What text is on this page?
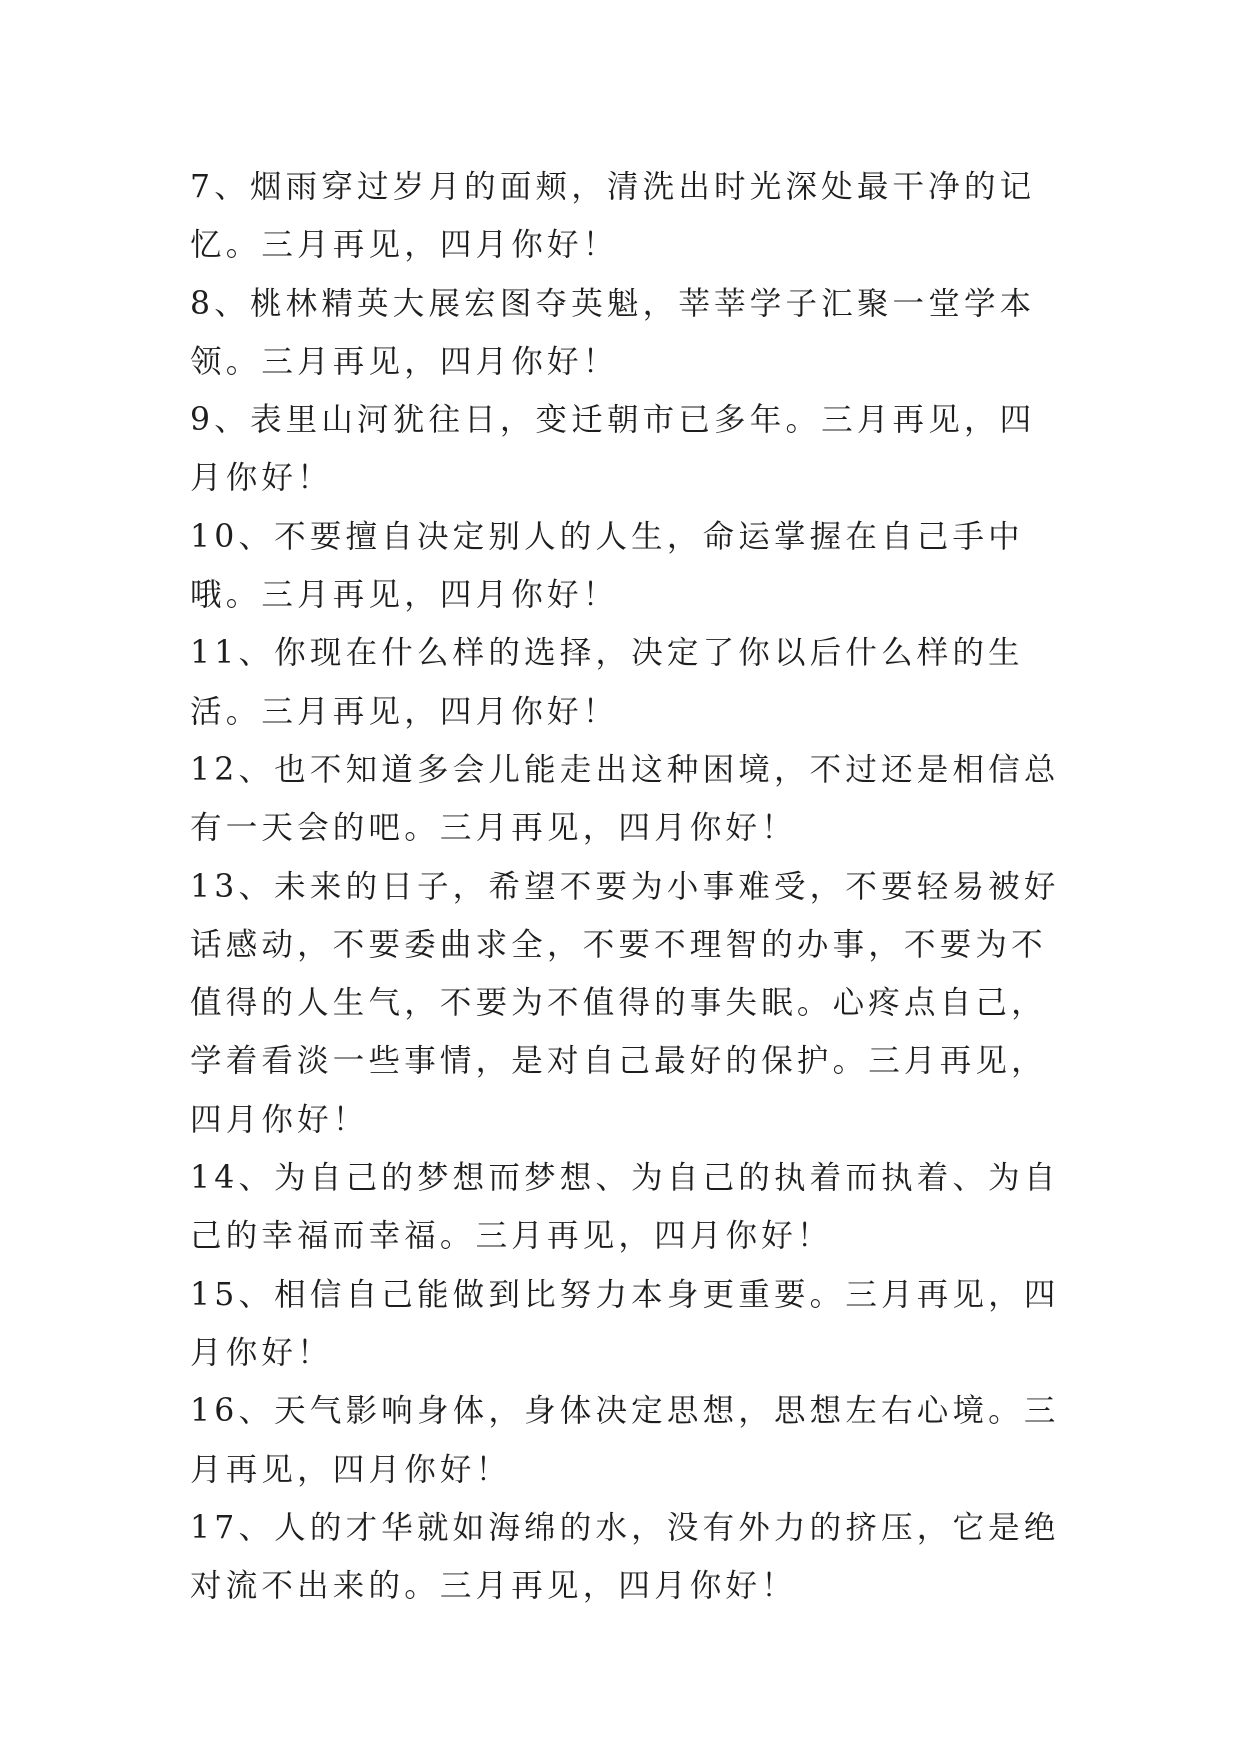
7、烟雨穿过岁月的面颊，清洗出时光深处最干净的记忆。三月再见，四月你好！

8、桃林精英大展宏图夺英魁，莘莘学子汇聚一堂学本领。三月再见，四月你好！

9、表里山河犹往日，变迁朝市已多年。三月再见，四月你好！

10、不要擅自决定别人的人生，命运掌握在自己手中哦。三月再见，四月你好！

11、你现在什么样的选择，决定了你以后什么样的生活。三月再见，四月你好！

12、也不知道多会儿能走出这种困境，不过还是相信总有一天会的吧。三月再见，四月你好！

13、未来的日子，希望不要为小事难受，不要轻易被好话感动，不要委曲求全，不要不理智的办事，不要为不值得的人生气，不要为不值得的事失眠。心疼点自己，学着看淡一些事情，是对自己最好的保护。三月再见，四月你好！

14、为自己的梦想而梦想、为自己的执着而执着、为自己的幸福而幸福。三月再见，四月你好！

15、相信自己能做到比努力本身更重要。三月再见，四月你好！

16、天气影响身体，身体决定思想，思想左右心境。三月再见，四月你好！

17、人的才华就如海绵的水，没有外力的挤压，它是绝对流不出来的。三月再见，四月你好！
